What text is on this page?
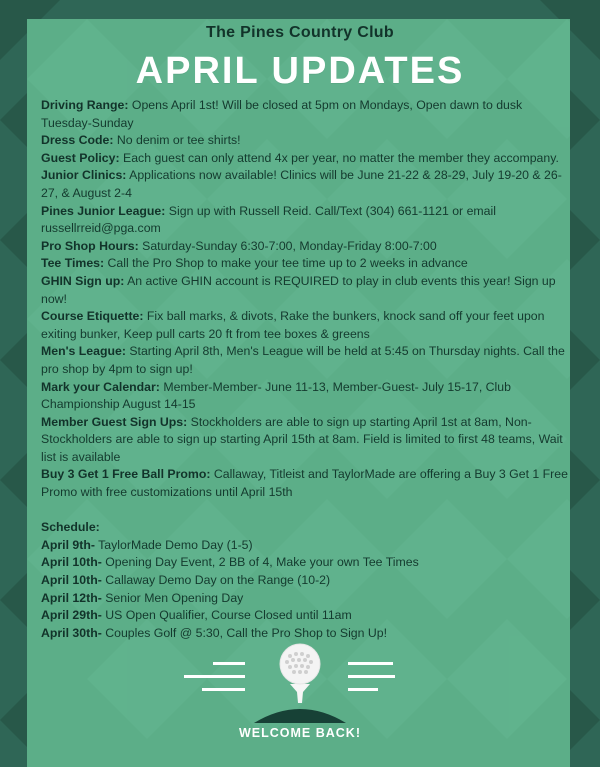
The Pines Country Club
APRIL UPDATES
Driving Range: Opens April 1st! Will be closed at 5pm on Mondays, Open dawn to dusk Tuesday-Sunday
Dress Code: No denim or tee shirts!
Guest Policy: Each guest can only attend 4x per year, no matter the member they accompany.
Junior Clinics: Applications now available! Clinics will be June 21-22 & 28-29, July 19-20 & 26-27, & August 2-4
Pines Junior League: Sign up with Russell Reid. Call/Text (304) 661-1121 or email russellrreid@pga.com
Pro Shop Hours: Saturday-Sunday 6:30-7:00, Monday-Friday 8:00-7:00
Tee Times: Call the Pro Shop to make your tee time up to 2 weeks in advance
GHIN Sign up: An active GHIN account is REQUIRED to play in club events this year! Sign up now!
Course Etiquette: Fix ball marks, & divots, Rake the bunkers, knock sand off your feet upon exiting bunker, Keep pull carts 20 ft from tee boxes & greens
Men's League: Starting April 8th, Men's League will be held at 5:45 on Thursday nights. Call the pro shop by 4pm to sign up!
Mark your Calendar: Member-Member- June 11-13, Member-Guest- July 15-17, Club Championship August 14-15
Member Guest Sign Ups: Stockholders are able to sign up starting April 1st at 8am, Non-Stockholders are able to sign up starting April 15th at 8am. Field is limited to first 48 teams, Wait list is available
Buy 3 Get 1 Free Ball Promo: Callaway, Titleist and TaylorMade are offering a Buy 3 Get 1 Free Promo with free customizations until April 15th
Schedule:
April 9th- TaylorMade Demo Day (1-5)
April 10th- Opening Day Event, 2 BB of 4, Make your own Tee Times
April 10th- Callaway Demo Day on the Range (10-2)
April 12th- Senior Men Opening Day
April 29th- US Open Qualifier, Course Closed until 11am
April 30th- Couples Golf @ 5:30, Call the Pro Shop to Sign Up!
WELCOME BACK!
